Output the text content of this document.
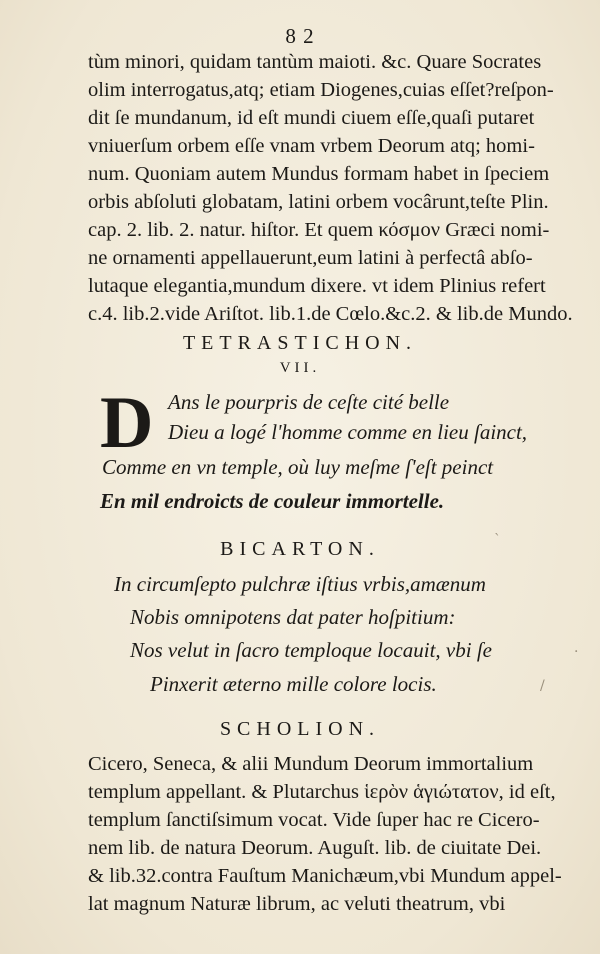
8 2
tùm minori, quidam tantùm maioti. &c. Quare Socrates
olim interrogatus,atq; etiam Diogenes,cuias eſſet?reſpon-
dit ſe mundanum, id eſt mundi ciuem eſſe,quaſi putaret
vniuerſum orbem eſſe vnam vrbem Deorum atq; homi-
num. Quoniam autem Mundus formam habet in ſpeciem
orbis abſoluti globatam, latini orbem vocârunt,teſte Plin.
cap. 2. lib. 2. natur. hiſtor. Et quem κόσμον Græci nomi-
ne ornamenti appellauerunt,eum latini à perfectâ abſo-
lutaque elegantia,mundum dixere. vt idem Plinius refert
c.4. lib.2.vide Ariſtot. lib.1.de Cœlo.&c.2. & lib.de Mundo.
TETRASTICHON.
VII.
D Ans le pourpris de ceſte cité belle
Dieu a logé l'homme comme en lieu ſainct,
Comme en vn temple, où luy meſme ſ'eſt peinct
En mil endroicts de couleur immortelle.
BICARTON.
In circumſepto pulchræ iſtius vrbis,amænum
Nobis omnipotens dat pater hoſpitium:
Nos velut in ſacro temploque locauit, vbi ſe
Pinxerit æterno mille colore locis.
SCHOLION.
Cicero, Seneca, & alii Mundum Deorum immortalium
templum appellant. & Plutarchus ἱερὸν ἁγιώτατον, id eſt,
templum ſanctiſsimum vocat. Vide ſuper hac re Cicero-
nem lib. de natura Deorum. Auguſt. lib. de ciuitate Dei.
& lib.32.contra Fauſtum Manichæum,vbi Mundum appel-
lat magnum Naturæ librum, ac veluti theatrum, vbi
ˋ
·
/
